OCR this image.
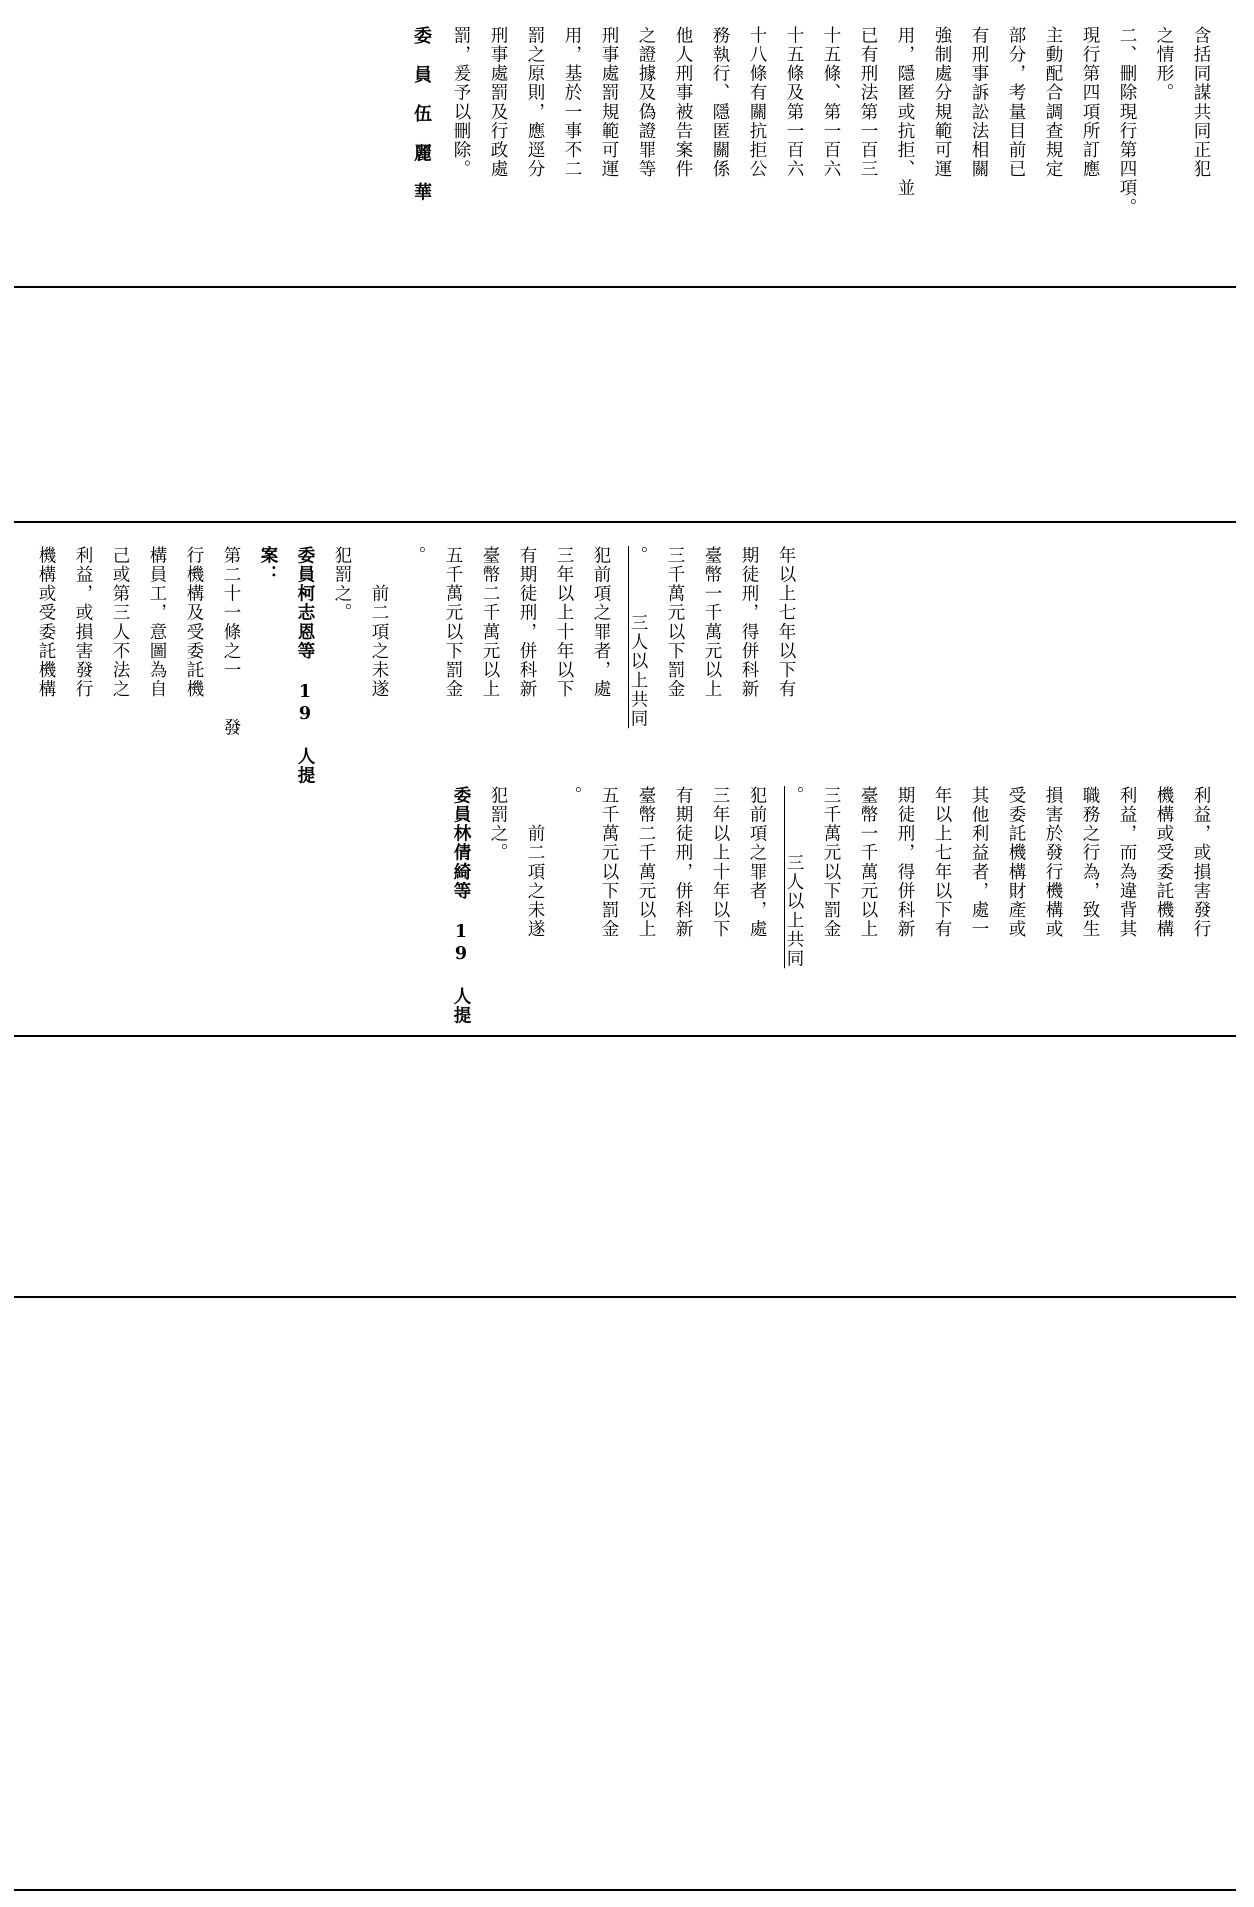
含括同謀共同正犯
之情形。
二、刪除現行第四項。
現行第四項所訂應
主動配合調查規定
部分，考量目前已
有刑事訴訟法相關
強制處分規範可運
用，隱匿或抗拒、並
已有刑法第一百三
十五條、第一百六
十五條及第一百六
十八條有關抗拒公
務執行、隱匿關係
他人刑事被告案件
之證據及偽證罪等
刑事處罰規範可運
用，基於一事不二
罰之原則，應逕分
刑事處罰及行政處
罰，爰予以刪除。
委　員　伍　麗　華
年以上七年以下有
期徒刑，得併科新
臺幣一千萬元以上
三千萬元以下罰金
。　　　三人以上共同
犯前項之罪者，處
三年以上十年以下
有期徒刑，併科新
臺幣二千萬元以上
五千萬元以下罰金
。
　　前二項之未遂
犯罰之。
委員柯志恩等 19 人提
案：
第二十一條之一　　發
行機構及受委託機
構員工，意圖為自
己或第三人不法之
利益，或損害發行
機構或受委託機構
利益，或損害發行
機構或受委託機構
利益，而為違背其
職務之行為，致生
損害於發行機構或
受委託機構財產或
其他利益者，處一
年以上七年以下有
期徒刑，得併科新
臺幣一千萬元以上
三千萬元以下罰金
。　　　三人以上共同
犯前項之罪者，處
三年以上十年以下
有期徒刑，併科新
臺幣二千萬元以上
五千萬元以下罰金
。
　　前二項之未遂
犯罰之。
委員林倩綺等 19 人提
